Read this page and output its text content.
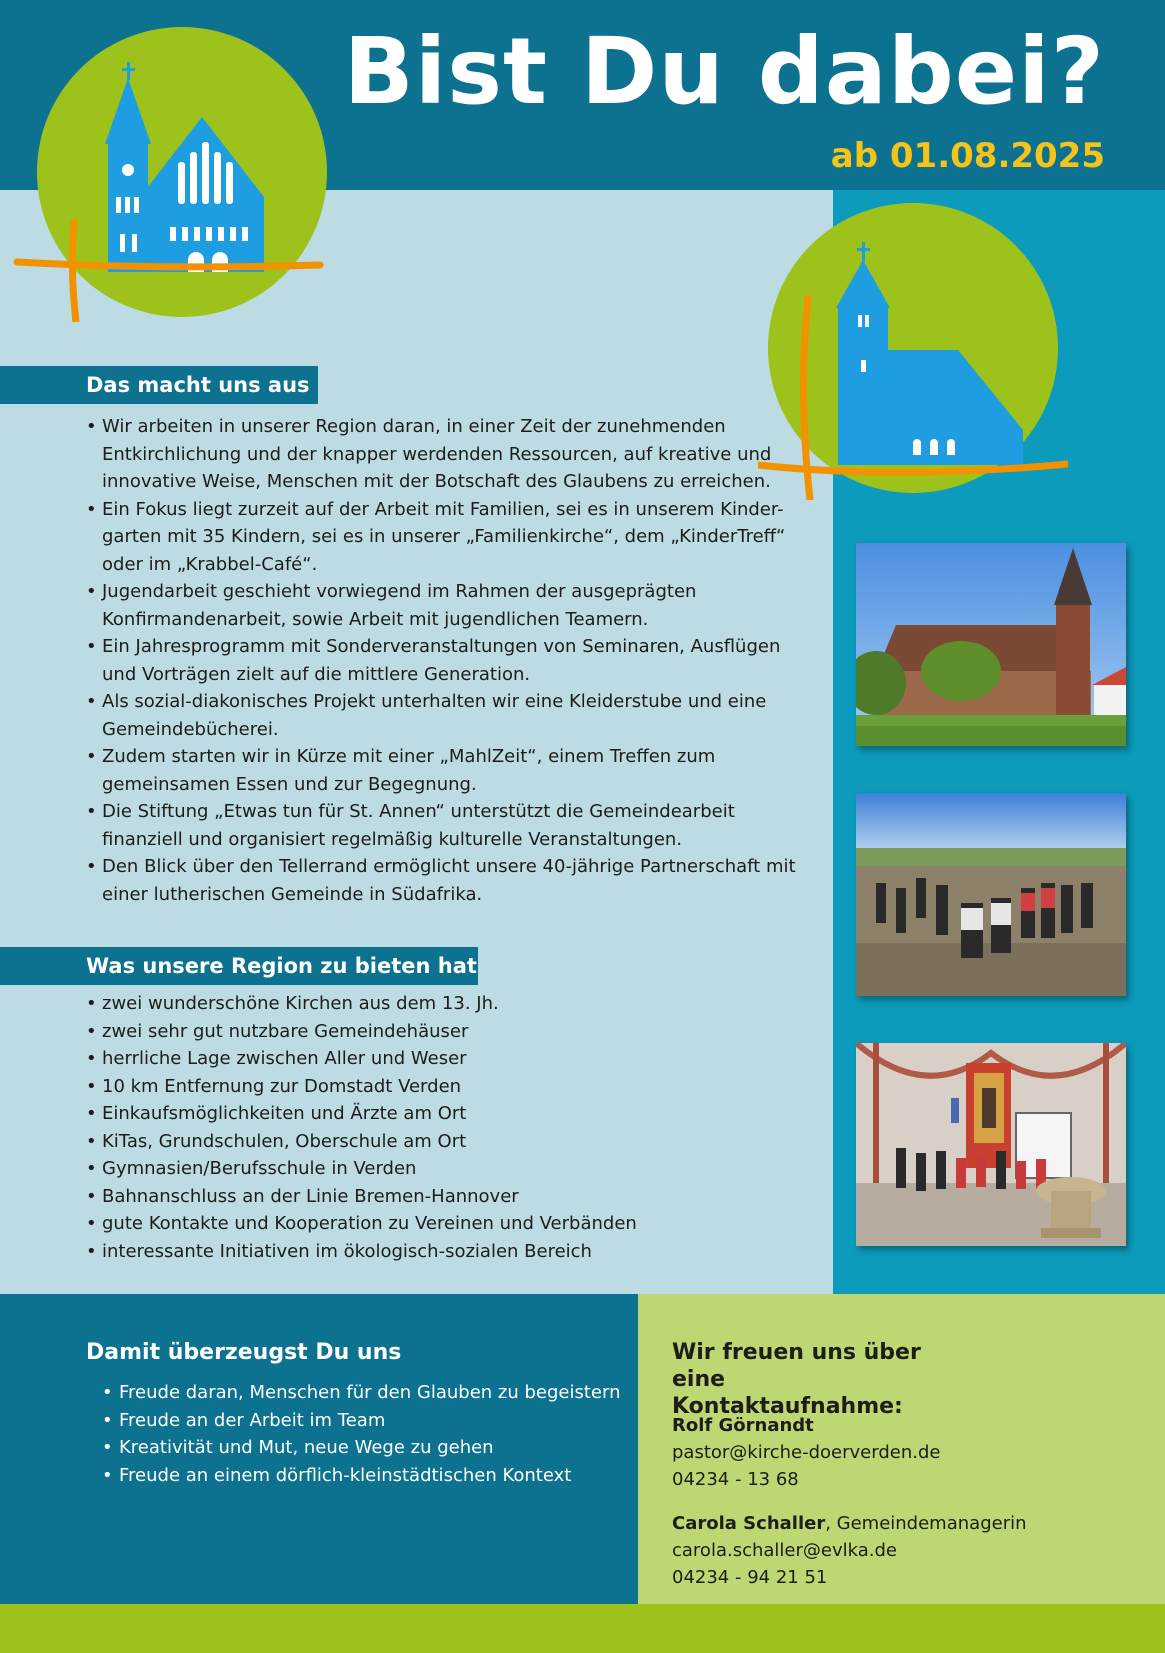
Bist Du dabei?
ab 01.08.2025
Das macht uns aus
• Wir arbeiten in unserer Region daran, in einer Zeit der zunehmenden Entkirchlichung und der knapper werdenden Ressourcen, auf kreative und innovative Weise, Menschen mit der Botschaft des Glaubens zu erreichen.
• Ein Fokus liegt zurzeit auf der Arbeit mit Familien, sei es in unserem Kinder-garten mit 35 Kindern, sei es in unserer „Familienkirche“, dem „KinderTreff“ oder im „Krabbel-Café“.
• Jugendarbeit geschieht vorwiegend im Rahmen der ausgeprägten Konfirmandenarbeit, sowie Arbeit mit jugendlichen Teamern.
• Ein Jahresprogramm mit Sonderveranstaltungen von Seminaren, Ausflügen und Vorträgen zielt auf die mittlere Generation.
• Als sozial-diakonisches Projekt unterhalten wir eine Kleiderstube und eine Gemeindebücherei.
• Zudem starten wir in Kürze mit einer „MahlZeit“, einem Treffen zum gemeinsamen Essen und zur Begegnung.
• Die Stiftung „Etwas tun für St. Annen“ unterstützt die Gemeindearbeit finanziell und organisiert regelmäßig kulturelle Veranstaltungen.
• Den Blick über den Tellerrand ermöglicht unsere 40-jährige Partnerschaft mit einer lutherischen Gemeinde in Südafrika.
Was unsere Region zu bieten hat
• zwei wunderschöne Kirchen aus dem 13. Jh.
• zwei sehr gut nutzbare Gemeindehäuser
• herrliche Lage zwischen Aller und Weser
• 10 km Entfernung zur Domstadt Verden
• Einkaufsmöglichkeiten und Ärzte am Ort
• KiTas, Grundschulen, Oberschule am Ort
• Gymnasien/Berufsschule in Verden
• Bahnanschluss an der Linie Bremen-Hannover
• gute Kontakte und Kooperation zu Vereinen und Verbänden
• interessante Initiativen im ökologisch-sozialen Bereich
Damit überzeugst Du uns
• Freude daran, Menschen für den Glauben zu begeistern
• Freude an der Arbeit im Team
• Kreativität und Mut, neue Wege zu gehen
• Freude an einem dörflich-kleinstädtischen Kontext
Wir freuen uns über eine Kontaktaufnahme:
Rolf Görnandt
pastor@kirche-doerverden.de
04234 - 13 68
Carola Schaller, Gemeindemanagerin
carola.schaller@evlka.de
04234 - 94 21 51
